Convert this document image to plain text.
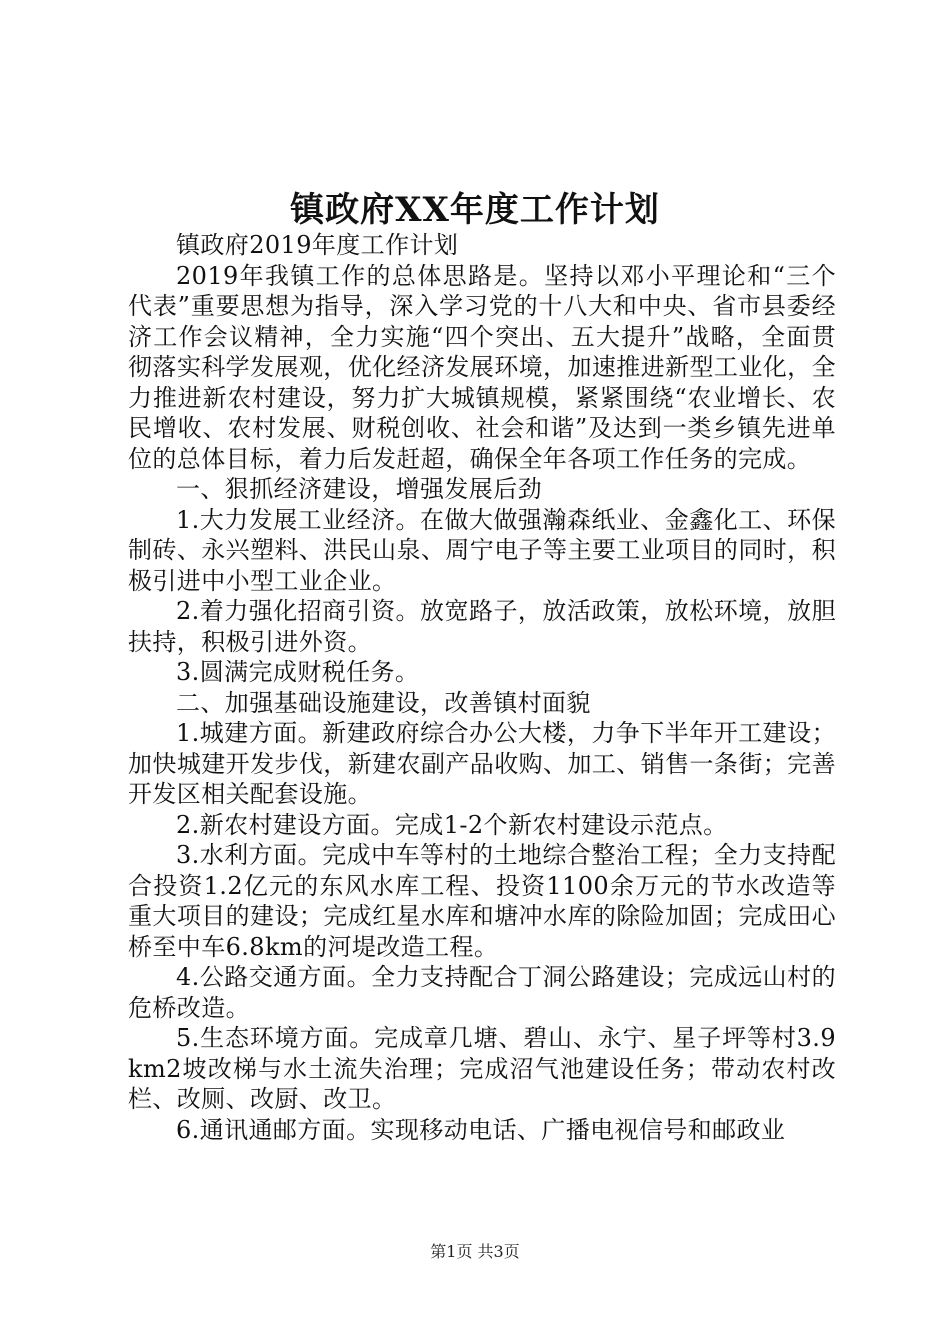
镇政府XX年度工作计划

镇政府2019年度工作计划

2019年我镇工作的总体思路是。坚持以邓小平理论和“三个代表”重要思想为指导，深入学习党的十八大和中央、省市县委经济工作会议精神，全力实施“四个突出、五大提升”战略，全面贯彻落实科学发展观，优化经济发展环境，加速推进新型工业化，全力推进新农村建设，努力扩大城镇规模，紧紧围绕“农业增长、农民增收、农村发展、财税创收、社会和谐”及达到一类乡镇先进单位的总体目标，着力后发赶超，确保全年各项工作任务的完成。

一、狠抓经济建设，增强发展后劲

1.大力发展工业经济。在做大做强瀚森纸业、金鑫化工、环保制砖、永兴塑料、洪民山泉、周宁电子等主要工业项目的同时，积极引进中小型工业企业。

2.着力强化招商引资。放宽路子，放活政策，放松环境，放胆扶持，积极引进外资。

3.圆满完成财税任务。

二、加强基础设施建设，改善镇村面貌

1.城建方面。新建政府综合办公大楼，力争下半年开工建设；加快城建开发步伐，新建农副产品收购、加工、销售一条街；完善开发区相关配套设施。

2.新农村建设方面。完成1-2个新农村建设示范点。

3.水利方面。完成中车等村的土地综合整治工程；全力支持配合投资1.2亿元的东风水库工程、投资1100余万元的节水改造等重大项目的建设；完成红星水库和塘冲水库的除险加固；完成田心桥至中车6.8km的河堤改造工程。

4.公路交通方面。全力支持配合丁洞公路建设；完成远山村的危桥改造。

5.生态环境方面。完成章几塘、碧山、永宁、星子坪等村3.9km2坡改梯与水土流失治理；完成沼气池建设任务；带动农村改栏、改厕、改厨、改卫。

6.通讯通邮方面。实现移动电话、广播电视信号和邮政业

第1页 共3页
